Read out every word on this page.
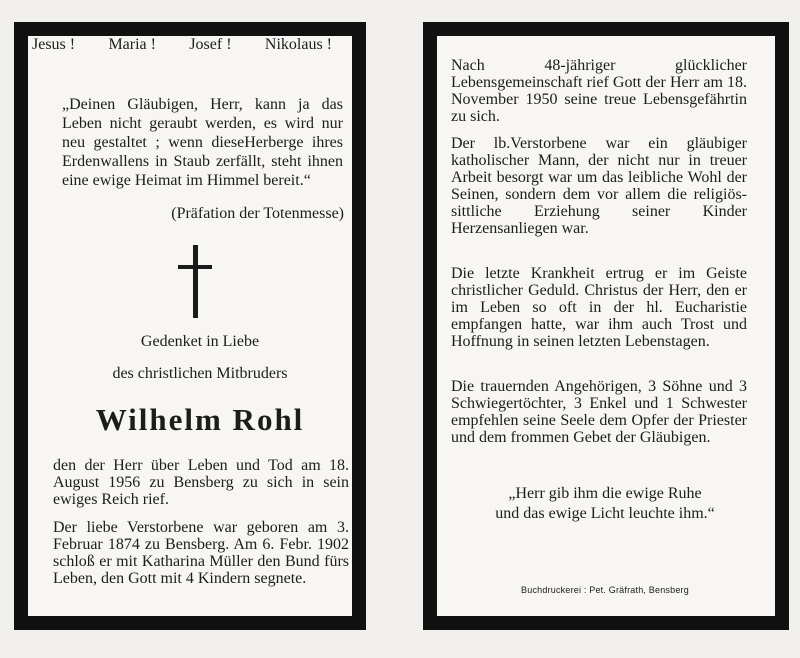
Jesus ! Maria ! Josef ! Nikolaus !
„Deinen Gläubigen, Herr, kann ja das Leben nicht geraubt werden, es wird nur neu gestaltet ; wenn dieseHerberge ihres Erdenwallens in Staub zerfällt, steht ihnen eine ewige Heimat im Himmel bereit.“
(Präfation der Totenmesse)
Gedenket in Liebe
des christlichen Mitbruders
Wilhelm Rohl
den der Herr über Leben und Tod am 18. August 1956 zu Bensberg zu sich in sein ewiges Reich rief.
Der liebe Verstorbene war geboren am 3. Februar 1874 zu Bensberg. Am 6. Febr. 1902 schloß er mit Katharina Müller den Bund fürs Leben, den Gott mit 4 Kindern segnete.
Nach 48-jähriger glücklicher Lebensgemeinschaft rief Gott der Herr am 18. November 1950 seine treue Lebensgefährtin zu sich.
Der lb.Verstorbene war ein gläubiger katholischer Mann, der nicht nur in treuer Arbeit besorgt war um das leibliche Wohl der Seinen, sondern dem vor allem die religiös-sittliche Erziehung seiner Kinder Herzensanliegen war.
Die letzte Krankheit ertrug er im Geiste christlicher Geduld. Christus der Herr, den er im Leben so oft in der hl. Eucharistie empfangen hatte, war ihm auch Trost und Hoffnung in seinen letzten Lebenstagen.
Die trauernden Angehörigen, 3 Söhne und 3 Schwiegertöchter, 3 Enkel und 1 Schwester empfehlen seine Seele dem Opfer der Priester und dem frommen Gebet der Gläubigen.
„Herr gib ihm die ewige Ruhe
und das ewige Licht leuchte ihm.“
Buchdruckerei : Pet. Gräfrath, Bensberg
